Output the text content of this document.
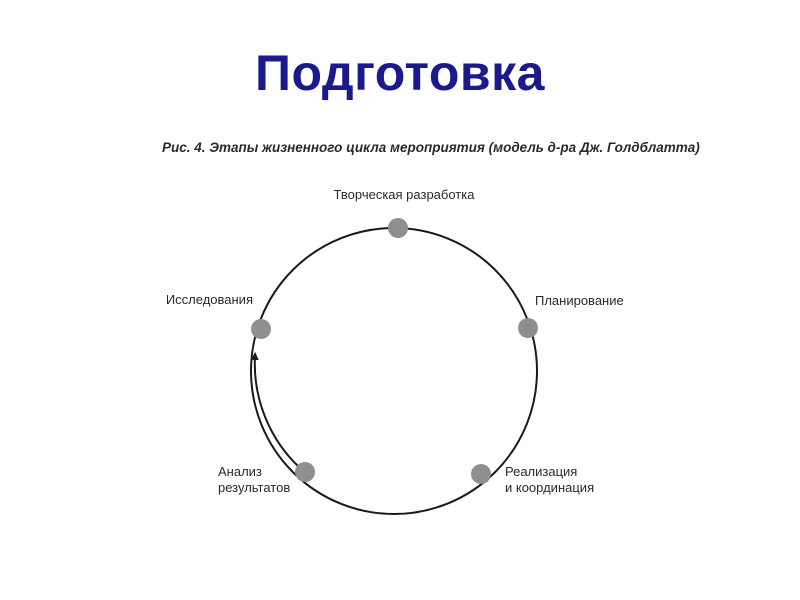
Подготовка
Рис. 4. Этапы жизненного цикла мероприятия (модель д-ра Дж. Голдблатта)
Творческая разработка
Планирование
Реализация
и координация
Анализ
результатов
Исследования
